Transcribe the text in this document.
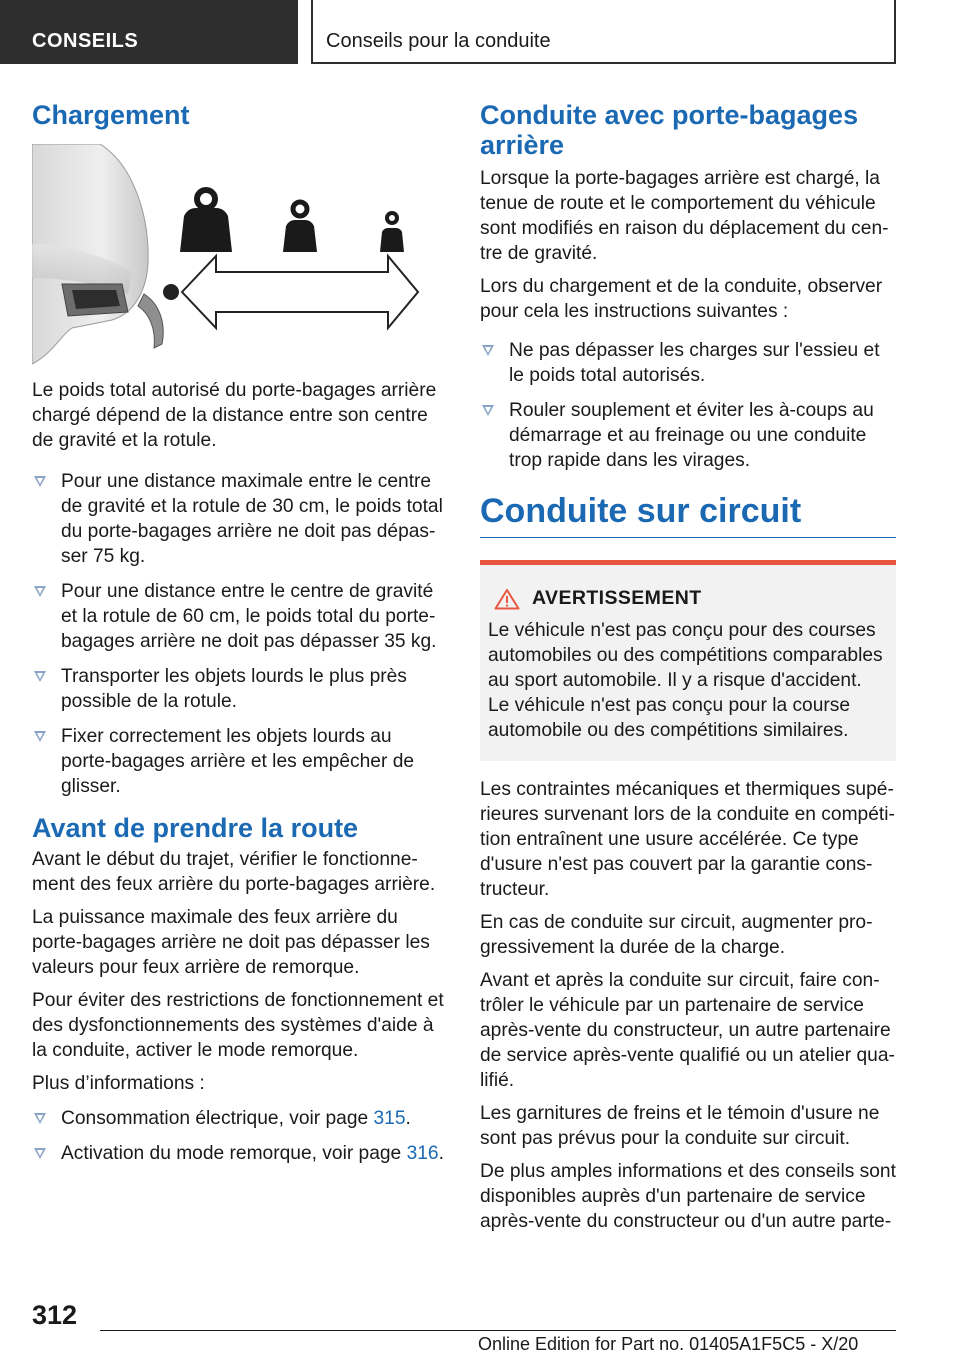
CONSEILS	Conseils pour la conduite
Chargement

Le poids total autorisé du porte-bagages arrière chargé dépend de la distance entre son centre de gravité et la rotule.

Pour une distance maximale entre le centre de gravité et la rotule de 30 cm, le poids total du porte-bagages arrière ne doit pas dépasser 75 kg.
Pour une distance entre le centre de gravité et la rotule de 60 cm, le poids total du porte-bagages arrière ne doit pas dépasser 35 kg.
Transporter les objets lourds le plus près possible de la rotule.
Fixer correctement les objets lourds au porte-bagages arrière et les empêcher de glisser.
Avant de prendre la route

Avant le début du trajet, vérifier le fonctionnement des feux arrière du porte-bagages arrière.

La puissance maximale des feux arrière du porte-bagages arrière ne doit pas dépasser les valeurs pour feux arrière de remorque.

Pour éviter des restrictions de fonctionnement et des dysfonctionnements des systèmes d'aide à la conduite, activer le mode remorque.

Plus d’informations :

Consommation électrique, voir page 315.
Activation du mode remorque, voir page 316.
Conduite avec porte-bagages arrière

Lorsque la porte-bagages arrière est chargé, la tenue de route et le comportement du véhicule sont modifiés en raison du déplacement du centre de gravité.

Lors du chargement et de la conduite, observer pour cela les instructions suivantes :

Ne pas dépasser les charges sur l'essieu et le poids total autorisés.
Rouler souplement et éviter les à-coups au démarrage et au freinage ou une conduite trop rapide dans les virages.
Conduite sur circuit
AVERTISSEMENT

Le véhicule n'est pas conçu pour des courses automobiles ou des compétitions comparables au sport automobile. Il y a risque d'accident. Le véhicule n'est pas conçu pour la course automobile ou des compétitions similaires.

Les contraintes mécaniques et thermiques supérieures survenant lors de la conduite en compétition entraînent une usure accélérée. Ce type d'usure n'est pas couvert par la garantie constructeur.

En cas de conduite sur circuit, augmenter progressivement la durée de la charge.

Avant et après la conduite sur circuit, faire contrôler le véhicule par un partenaire de service après-vente du constructeur, un autre partenaire de service après-vente qualifié ou un atelier qualifié.

Les garnitures de freins et le témoin d'usure ne sont pas prévus pour la conduite sur circuit.

De plus amples informations et des conseils sont disponibles auprès d'un partenaire de service après-vente du constructeur ou d'un autre parte-

312
Online Edition for Part no. 01405A1F5C5 - X/20
